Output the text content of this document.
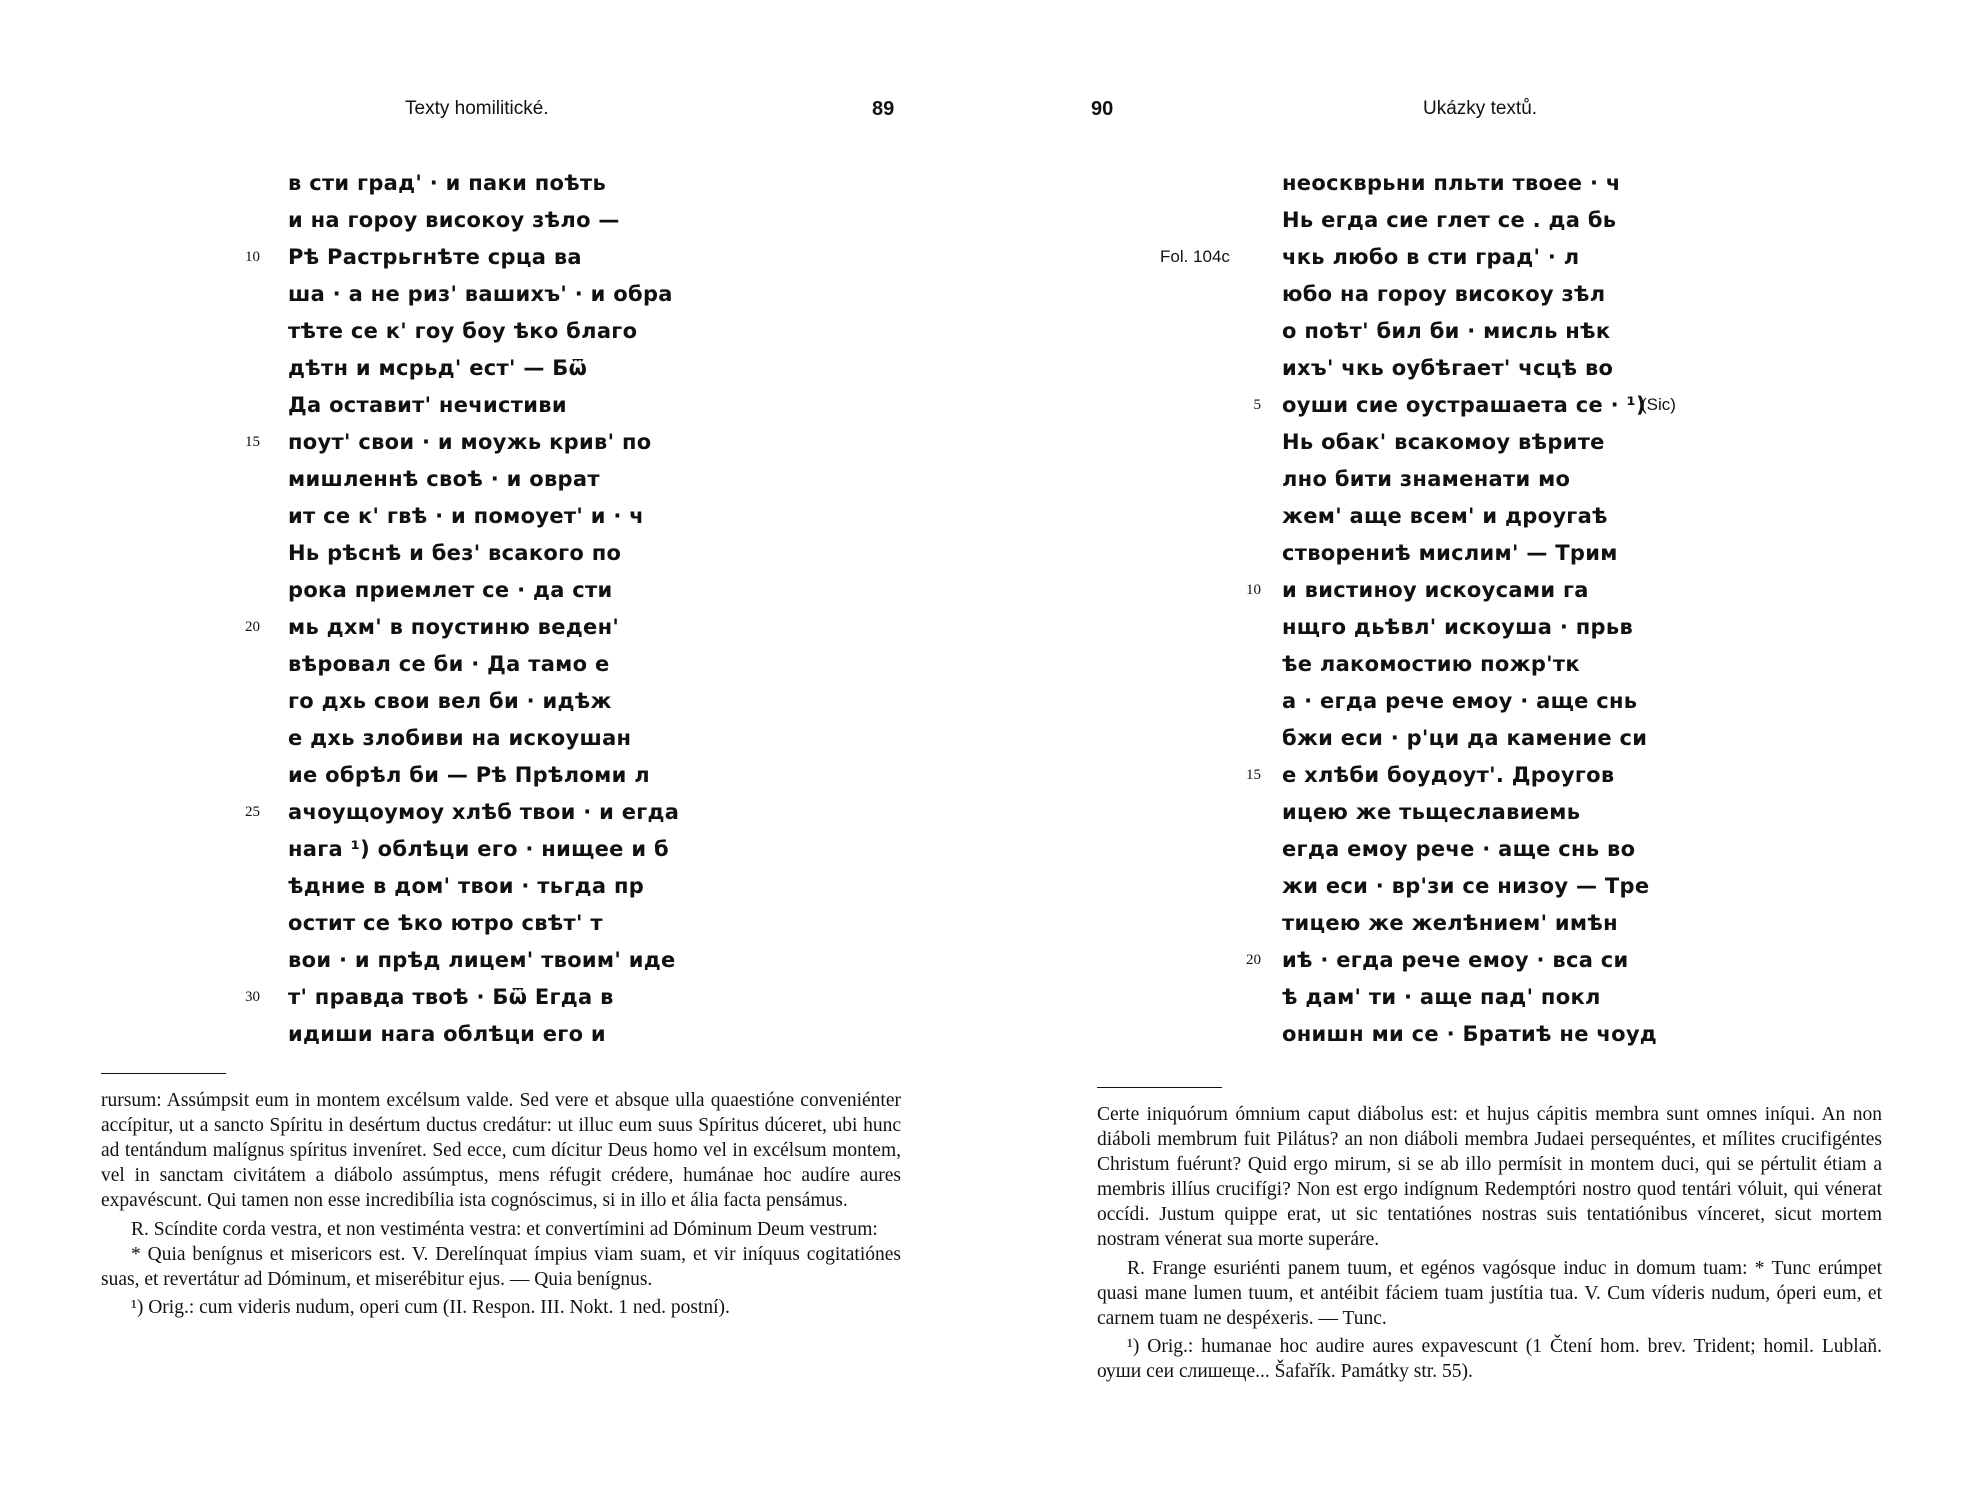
Texty homilitické.	89
10
15
20
25
30
в сти град' · и паки поѣть
и на гороу високоу зѣло —
Рѣ Растрьгнѣте срца ва
ша · а не риз' вашихъ' · и обра
тѣте се к' гоу боу ѣко благо
дѣтн и мсрьд' ест' — Бѿ
Да оставит' нечистиви
поут' свои · и моужь крив' по
мишленнѣ своѣ · и оврат
ит се к' гвѣ · и помоует' и · ч
Нь рѣснѣ и без' всакого по
рока приемлет се · да сти
мь дхм' в поустиню веден'
вѣровал се би · Да тамо е
го дхь свои вел би · идѣж
е дхь злобиви на искоушан
ие обрѣл би — Рѣ Прѣломи л
ачоущоумоу хлѣб твои · и егда
нага ¹) облѣци его · нищее и б
ѣдние в дом' твои · тьгда пр
остит се ѣко ютро свѣт' т
вои · и прѣд лицем' твоим' иде
т' правда твоѣ · Бѿ Егда в
идиши нага облѣци его и

rursum: Assúmpsit eum in montem excélsum valde. Sed vere et absque ulla quaestióne conveniénter accípitur, ut a sancto Spíritu in desértum ductus credátur: ut illuc eum suus Spíritus dúceret, ubi hunc ad tentándum malígnus spíritus inveníret. Sed ecce, cum dícitur Deus homo vel in excélsum montem, vel in sanctam civitátem a diábolo assúmptus, mens réfugit crédere, humánae hoc audíre aures expavéscunt. Qui tamen non esse incredibília ista cognóscimus, si in illo et ália facta pensámus.

R. Scíndite corda vestra, et non vestiménta vestra: et convertímini ad Dóminum Deum vestrum:

* Quia benígnus et misericors est. V. Derelínquat ímpius viam suam, et vir iníquus cogitatiónes suas, et revertátur ad Dóminum, et miserébitur ejus. — Quia benígnus.

¹) Orig.: cum videris nudum, operi cum (II. Respon. III. Nokt. 1 ned. postní).

90	Ukázky textů.
Fol. 104c
(Sic)
5
10
15
20
неоскврьни пльти твоее · ч
Нь егда сие глет се . да бь
чкь любо в сти град' · л
юбо на гороу високоу зѣл
о поѣт' бил би · мисль нѣк
ихъ' чкь оубѣгает' чсцѣ во
оуши сие оустрашаета се · ¹)
Нь обак' всакомоу вѣрите
лно бити знаменати мо
жем' аще всем' и дроугаѣ
створениѣ мислим' — Трим
и вистиноу искоусами га
нщго дьѣвл' искоуша · прьв
ѣе лакомостию пожр'тк
а · егда рече емоу · аще снь
бжи еси · р'ци да камение си
е хлѣби боудоут'. Дроугов
ицею же тьщеславиемь
егда емоу рече · аще снь во
жи еси · вр'зи се низоу — Тре
тицею же желѣнием' имѣн
иѣ · егда рече емоу · вса си
ѣ дам' ти · аще пад' покл
онишн ми се · Братиѣ не чоуд

Certe iniquórum ómnium caput diábolus est: et hujus cápitis membra sunt omnes iníqui. An non diáboli membrum fuit Pilátus? an non diáboli membra Judaei persequéntes, et mílites crucifigéntes Christum fuérunt? Quid ergo mirum, si se ab illo permísit in montem duci, qui se pértulit étiam a membris illíus crucifígi? Non est ergo indígnum Redemptóri nostro quod tentári vóluit, qui vénerat occídi. Justum quippe erat, ut sic tentatiónes nostras suis tentatiónibus vínceret, sicut mortem nostram vénerat sua morte superáre.

R. Frange esuriénti panem tuum, et egénos vagósque induc in domum tuam: * Tunc erúmpet quasi mane lumen tuum, et antéibit fáciem tuam justítia tua. V. Cum víderis nudum, óperi eum, et carnem tuam ne despéxeris. — Tunc.

¹) Orig.: humanae hoc audire aures expavescunt (1 Čtení hom. brev. Trident; homil. Lublaň. оуши сеи слишеще... Šafařík. Památky str. 55).
